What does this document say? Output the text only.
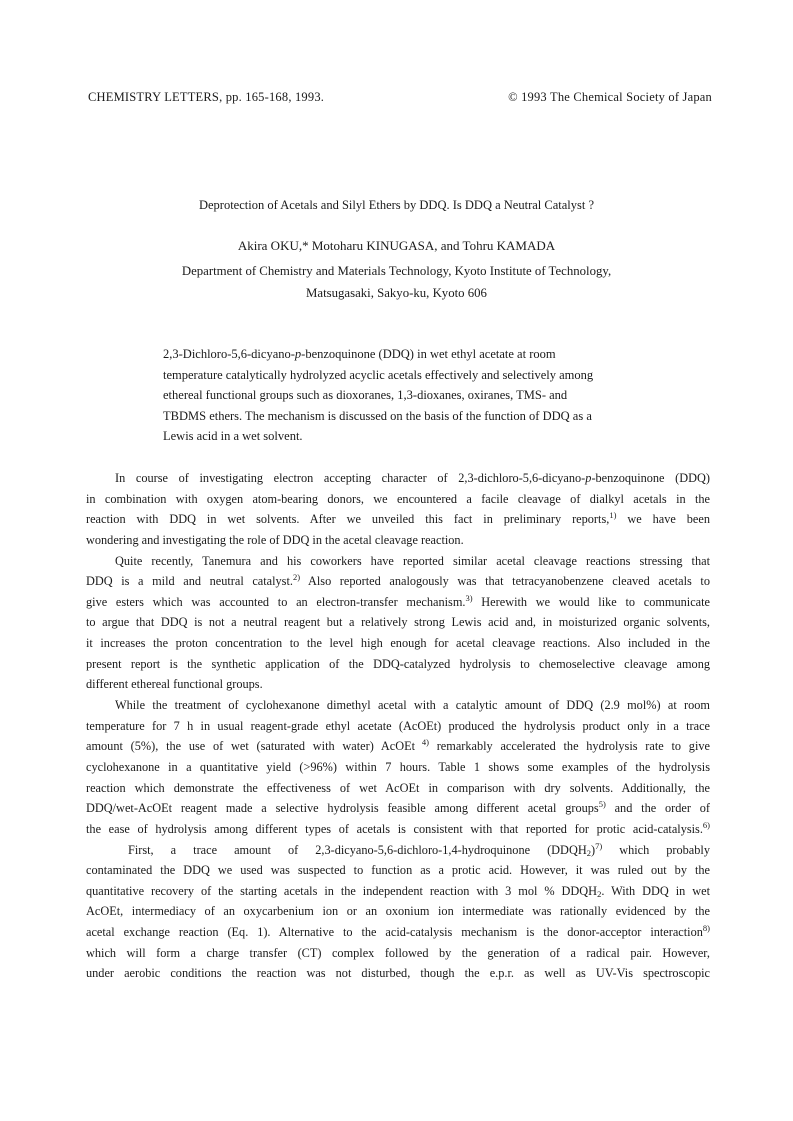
CHEMISTRY LETTERS, pp. 165-168, 1993.	© 1993 The Chemical Society of Japan
Deprotection of Acetals and Silyl Ethers by DDQ. Is DDQ a Neutral Catalyst ?
Akira OKU,* Motoharu KINUGASA, and Tohru KAMADA
Department of Chemistry and Materials Technology, Kyoto Institute of Technology,
Matsugasaki, Sakyo-ku, Kyoto 606
2,3-Dichloro-5,6-dicyano-p-benzoquinone (DDQ) in wet ethyl acetate at room
temperature catalytically hydrolyzed acyclic acetals effectively and selectively among
ethereal functional groups such as dioxoranes, 1,3-dioxanes, oxiranes, TMS- and
TBDMS ethers. The mechanism is discussed on the basis of the function of DDQ as a
Lewis acid in a wet solvent.
In course of investigating electron accepting character of 2,3-dichloro-5,6-dicyano-p-benzoquinone (DDQ)
in combination with oxygen atom-bearing donors, we encountered a facile cleavage of dialkyl acetals in the
reaction with DDQ in wet solvents. After we unveiled this fact in preliminary reports,$^{1)}$ we have been
wondering and investigating the role of DDQ in the acetal cleavage reaction.
Quite recently, Tanemura and his coworkers have reported similar acetal cleavage reactions stressing that
DDQ is a mild and neutral catalyst.$^{2)}$ Also reported analogously was that tetracyanobenzene cleaved acetals to
give esters which was accounted to an electron-transfer mechanism.$^{3)}$ Herewith we would like to communicate
to argue that DDQ is not a neutral reagent but a relatively strong Lewis acid and, in moisturized organic solvents,
it increases the proton concentration to the level high enough for acetal cleavage reactions. Also included in the
present report is the synthetic application of the DDQ-catalyzed hydrolysis to chemoselective cleavage among
different ethereal functional groups.
While the treatment of cyclohexanone dimethyl acetal with a catalytic amount of DDQ (2.9 mol%) at room
temperature for 7 h in usual reagent-grade ethyl acetate (AcOEt) produced the hydrolysis product only in a trace
amount (5%), the use of wet (saturated with water) AcOEt $^{4)}$ remarkably accelerated the hydrolysis rate to give
cyclohexanone in a quantitative yield (>96%) within 7 hours. Table 1 shows some examples of the hydrolysis
reaction which demonstrate the effectiveness of wet AcOEt in comparison with dry solvents. Additionally, the
DDQ/wet-AcOEt reagent made a selective hydrolysis feasible among different acetal groups$^{5)}$ and the order of
the ease of hydrolysis among different types of acetals is consistent with that reported for protic acid-catalysis.$^{6)}$
First, a trace amount of 2,3-dicyano-5,6-dichloro-1,4-hydroquinone $(DDQH_2)^{7)}$ which probably
contaminated the DDQ we used was suspected to function as a protic acid. However, it was ruled out by the
quantitative recovery of the starting acetals in the independent reaction with 3 mol % $DDQH_2$. With DDQ in wet
AcOEt, intermediacy of an oxycarbenium ion or an oxonium ion intermediate was rationally evidenced by the
acetal exchange reaction (Eq. 1). Alternative to the acid-catalysis mechanism is the donor-acceptor interaction$^{8)}$
which will form a charge transfer (CT) complex followed by the generation of a radical pair. However,
under aerobic conditions the reaction was not disturbed, though the e.p.r. as well as UV-Vis spectroscopic
